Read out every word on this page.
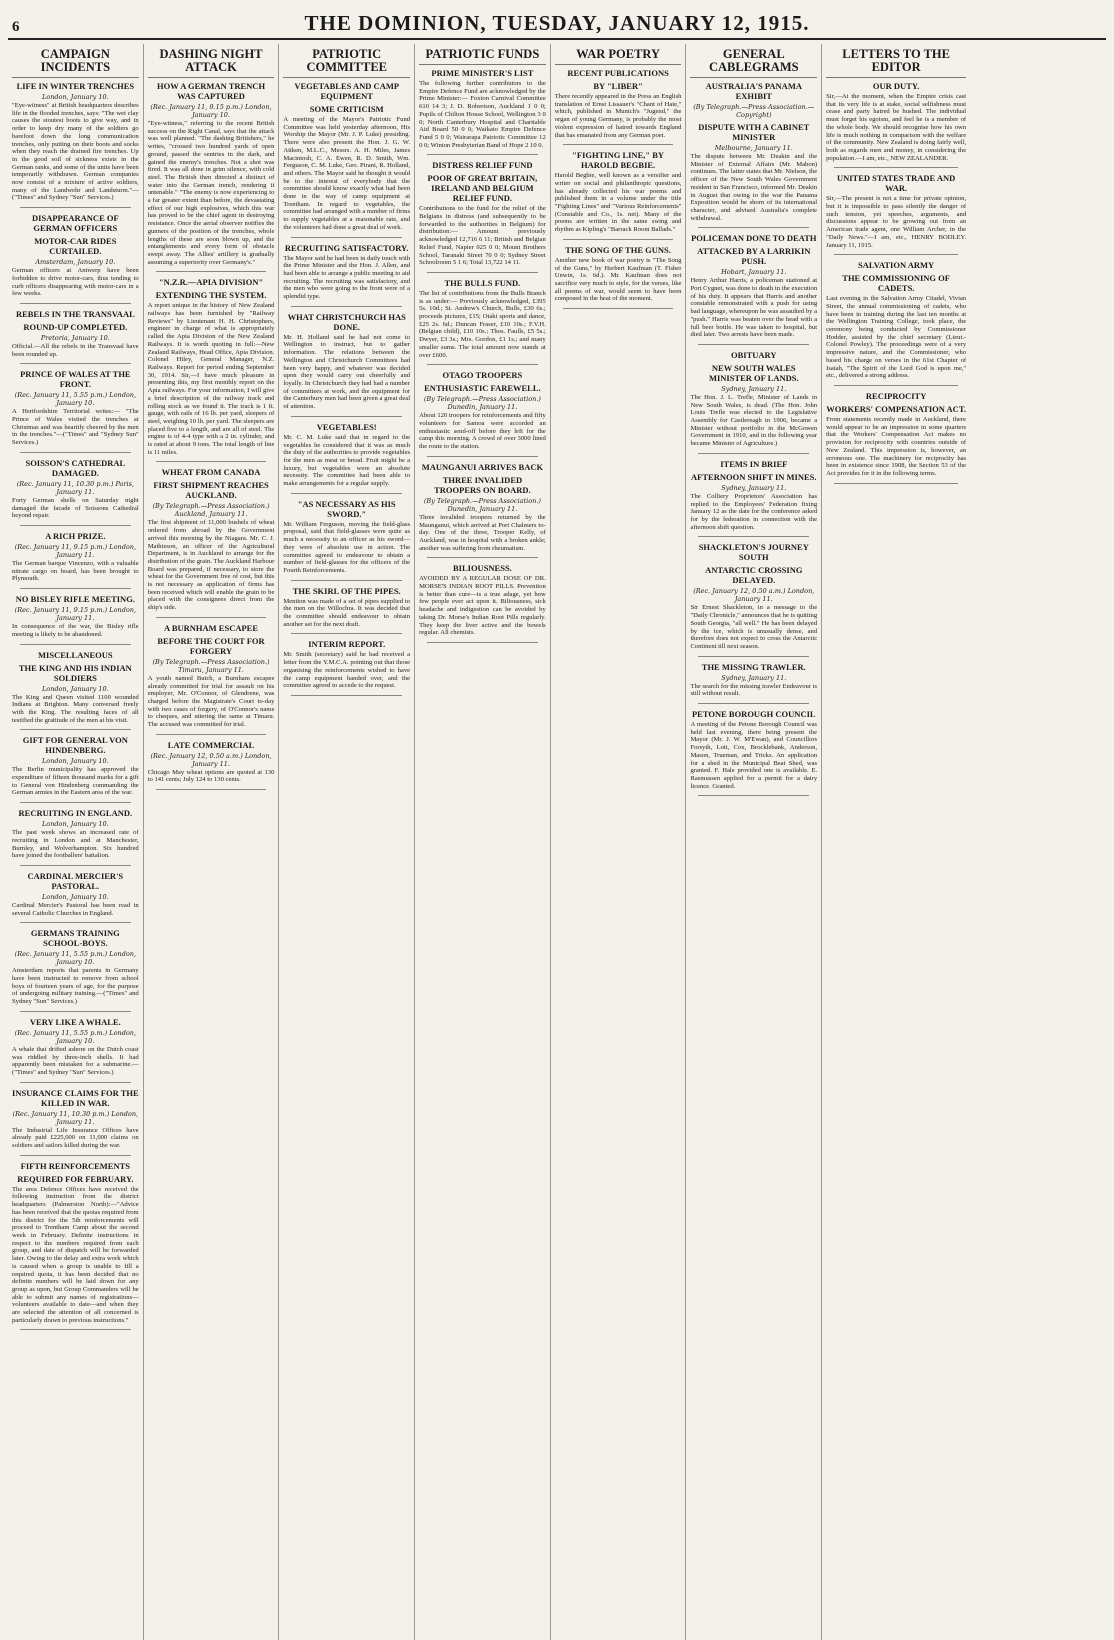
6	THE DOMINION, TUESDAY, JANUARY 12, 1915.
CAMPAIGN INCIDENTS
LIFE IN WINTER TRENCHES
London, January 10.

"Eye-witness" at British headquarters describes life in the flooded trenches, says: "The wet clay causes the stoutest boots to give way, and in order to keep dry many of the soldiers go barefoot down the long communication trenches, only putting on their boots and socks when they reach the drained fire trenches. Up in the good soil of sickness exists in the German ranks, and some of the units have been temporarily withdrawn. German companies now consist of a mixture of active soldiers, many of the Landwehr and Landsturm."—("Times" and Sydney "Sun" Services.)

DISAPPEARANCE OF GERMAN OFFICERS
MOTOR-CAR RIDES CURTAILED.
Amsterdam, January 10.

German officers at Antwerp have been forbidden to drive motor-cars, thus tending to curb officers disappearing with motor-cars in a few weeks.

REBELS IN THE TRANSVAAL
ROUND-UP COMPLETED.
Pretoria, January 10.

Official.—All the rebels in the Transvaal have been rounded up.

PRINCE OF WALES AT THE FRONT.
(Rec. January 11, 5.55 p.m.) London, January 10.

A Hertfordshire Territorial writes:— "The Prince of Wales visited the trenches at Christmas and was heartily cheered by the men in the trenches."—("Times" and "Sydney Sun" Services.)

SOISSON'S CATHEDRAL DAMAGED.
(Rec. January 11, 10.30 p.m.) Paris, January 11.

Forty German shells on Saturday night damaged the facade of Soissons Cathedral beyond repair.

A RICH PRIZE.
(Rec. January 11, 9.15 p.m.) London, January 11.

The German barque Vincenzo, with a valuable nitrate cargo on board, has been brought to Plymouth.

NO BISLEY RIFLE MEETING.
(Rec. January 11, 9.15 p.m.) London, January 11.

In consequence of the war, the Bisley rifle meeting is likely to be abandoned.

MISCELLANEOUS
THE KING AND HIS INDIAN SOLDIERS
London, January 10.

The King and Queen visited 1100 wounded Indians at Brighton. Many conversed freely with the King. The resulting faces of all testified the gratitude of the men at his visit.

GIFT FOR GENERAL VON HINDENBERG.
London, January 10.

The Berlin municipality has approved the expenditure of fifteen thousand marks for a gift to General von Hindenberg commanding the German armies in the Eastern area of the war.

RECRUITING IN ENGLAND.
London, January 10.

The past week shows an increased rate of recruiting in London and at Manchester, Burnley, and Wolverhampton. Six hundred have joined the footballers' battalion.

CARDINAL MERCIER'S PASTORAL.
London, January 10.

Cardinal Mercier's Pastoral has been read in several Catholic Churches in England.

GERMANS TRAINING SCHOOL-BOYS.
(Rec. January 11, 5.55 p.m.) London, January 10.

Amsterdam reports that parents in Germany have been instructed to remove from school boys of fourteen years of age, for the purpose of undergoing military training.—("Times" and Sydney "Sun" Services.)

VERY LIKE A WHALE.
(Rec. January 11, 5.55 p.m.) London, January 10.

A whale that drifted ashore on the Dutch coast was riddled by three-inch shells. It had apparently been mistaken for a submarine.—("Times" and Sydney "Sun" Services.)

INSURANCE CLAIMS FOR THE KILLED IN WAR.
(Rec. January 11, 10.30 p.m.) London, January 11.

The Industrial Life Insurance Offices have already paid £225,000 on 11,000 claims on soldiers and sailors killed during the war.

FIFTH REINFORCEMENTS
REQUIRED FOR FEBRUARY.

The area Defence Offices have received the following instruction from the district headquarters (Palmerston North):—"Advice has been received that the quotas required from this district for the 5th reinforcements will proceed to Trentham Camp about the second week in February. Definite instructions in respect to the numbers required from each group, and date of dispatch will be forwarded later. Owing to the delay and extra work which is caused when a group is unable to fill a required quota, it has been decided that no definite numbers will be laid down for any group as upon, but Group Commanders will be able to submit any names of registrations—volunteers available to date—and when they are selected the attention of all concerned is particularly drawn to previous instructions."

DASHING NIGHT ATTACK
HOW A GERMAN TRENCH WAS CAPTURED
(Rec. January 11, 9.15 p.m.) London, January 10.

"Eye-witness," referring to the recent British success on the Right Canal, says that the attack was well planned. "The dashing Britishers," he writes, "crossed two hundred yards of open ground, passed the sentries in the dark, and gained the enemy's trenches. Not a shot was fired. It was all done in grim silence, with cold steel. The British then directed a distinct of water into the German trench, rendering it untenable." "The enemy is now experiencing to a far greater extent than before, the devastating effect of our high explosives, which this war has proved to be the chief agent in destroying resistance. Once the aerial observer notifies the gunners of the position of the trenches, whole lengths of these are soon blown up, and the entanglements and every form of obstacle swept away. The Allies' artillery is gradually assuming a superiority over Germany's."

"N.Z.R.—APIA DIVISION"
EXTENDING THE SYSTEM.

A report unique in the history of New Zealand railways has been furnished by "Railway Reviews" by Lieutenant H. H. Christophers, engineer in charge of what is appropriately called the Apia Division of the New Zealand Railways. It is worth quoting in full:—New Zealand Railways, Head Office, Apia Division. Colonel Hiley, General Manager, N.Z. Railways. Report for period ending September 30, 1914. Sir,—I have much pleasure in presenting this, my first monthly report on the Apia railways. For your information, I will give a brief description of the railway track and rolling stock as we found it. The track is 1 ft. gauge, with rails of 16 lb. per yard, sleepers of steel, weighing 10 lb. per yard. The sleepers are placed five to a length, and are all of steel. The engine is of 4-4 type with a 2 in. cylinder, and is rated at about 9 tons. The total length of line is 11 miles.

WHEAT FROM CANADA
FIRST SHIPMENT REACHES AUCKLAND.
(By Telegraph.—Press Association.) Auckland, January 11.

The first shipment of 11,000 bushels of wheat ordered from abroad by the Government arrived this morning by the Niagara. Mr. C. J. Mathieson, an officer of the Agricultural Department, is in Auckland to arrange for the distribution of the grain. The Auckland Harbour Board was prepared, if necessary, to store the wheat for the Government free of cost, but this is not necessary as application of firms has been received which will enable the grain to be placed with the consignees direct from the ship's side.

A BURNHAM ESCAPEE
BEFORE THE COURT FOR FORGERY
(By Telegraph.—Press Association.) Timaru, January 11.

A youth named Butch, a Burnham escapee already committed for trial for assault on his employer, Mr. O'Connor, of Glendrene, was charged before the Magistrate's Court to-day with two cases of forgery, of O'Connor's name to cheques, and uttering the same at Timaru. The accused was committed for trial.

LATE COMMERCIAL
(Rec. January 12, 0.50 a.m.) London, January 11.

Chicago May wheat options are quoted at 130 to 141 cents; July 124 to 130 cents.

PATRIOTIC COMMITTEE
VEGETABLES AND CAMP EQUIPMENT
SOME CRITICISM

A meeting of the Mayor's Patriotic Fund Committee was held yesterday afternoon, His Worship the Mayor (Mr. J. P. Luke) presiding. There were also present the Hon. J. G. W. Aitken, M.L.C., Messrs. A. H. Miles, James Macintosh, C. A. Ewen, R. D. Smith, Wm. Ferguson, C. M. Luke, Geo. Pirani, R. Holland, and others. The Mayor said he thought it would be to the interest of everybody that the committee should know exactly what had been done in the way of camp equipment at Trentham. In regard to vegetables, the committee had arranged with a number of firms to supply vegetables at a reasonable rate, and the volunteers had done a great deal of work.

RECRUITING SATISFACTORY.

The Mayor said he had been in daily touch with the Prime Minister and the Hon. J. Allen, and had been able to arrange a public meeting to aid recruiting. The recruiting was satisfactory, and the men who were going to the front were of a splendid type.

WHAT CHRISTCHURCH HAS DONE.

Mr. H. Holland said he had not come to Wellington to instruct, but to gather information. The relations between the Wellington and Christchurch Committees had been very happy, and whatever was decided upon they would carry out cheerfully and loyally. In Christchurch they had had a number of committees at work, and the equipment for the Canterbury men had been given a great deal of attention.

VEGETABLES!

Mr. C. M. Luke said that in regard to the vegetables he considered that it was as much the duty of the authorities to provide vegetables for the men as meat or bread. Fruit might be a luxury, but vegetables were an absolute necessity. The committee had been able to make arrangements for a regular supply.

"AS NECESSARY AS HIS SWORD."

Mr. William Ferguson, moving the field-glass proposal, said that field-glasses were quite as much a necessity to an officer as his sword—they were of absolute use in action. The committee agreed to endeavour to obtain a number of field-glasses for the officers of the Fourth Reinforcements.

THE SKIRL OF THE PIPES.

Mention was made of a set of pipes supplied to the men on the Willochra. It was decided that the committee should endeavour to obtain another set for the next draft.

INTERIM REPORT.

Mr. Smith (secretary) said he had received a letter from the Y.M.C.A. pointing out that those organising the reinforcements wished to have the camp equipment handed over, and the committee agreed to accede to the request.

PATRIOTIC FUNDS
PRIME MINISTER'S LIST

The following further contributors to the Empire Defence Fund are acknowledged by the Prime Minister:— Foxton Carnival Committee 610 14 3; J. D. Robertson, Auckland 1 0 0; Pupils of Chilton House School, Wellington 3 0 0; North Canterbury Hospital and Charitable Aid Board 50 0 0; Waikato Empire Defence Fund 5 0 0; Wairarapa Patriotic Committee 12 0 0; Winton Presbyterian Band of Hope 2 10 0.

DISTRESS RELIEF FUND
POOR OF GREAT BRITAIN, IRELAND AND BELGIUM RELIEF FUND.

Contributions to the fund for the relief of the Belgians in distress (and subsequently to be forwarded to the authorities in Belgium) for distribution:— Amount previously acknowledged 12,716 6 11; British and Belgian Relief Fund, Napier 925 0 0; Mount Brothers School, Taranaki Street 70 0 0; Sydney Street Schoolroom 5 1 6; Total 13,722 14 11.

THE BULLS FUND.

The list of contributions from the Bulls Branch is as under:— Previously acknowledged, £395 5s. 10d.; St. Andrew's Church, Bulls, £30 6s.; proceeds pictures, £15; Otaki sports and dance, £25 2s. 6d.; Duncan Fraser, £10 10s.; F.V.H. (Belgian child), £10 10s.; Thos. Faulls, £5 5s.; Dwyer, £3 3s.; Mrs. Gordon, £1 1s.; and many smaller sums. The total amount now stands at over £600.

OTAGO TROOPERS
ENTHUSIASTIC FAREWELL.
(By Telegraph.—Press Association.) Dunedin, January 11.

About 120 troopers for reinforcements and fifty volunteers for Samoa were accorded an enthusiastic send-off before they left for the camp this morning. A crowd of over 3000 lined the route to the station.

MAUNGANUI ARRIVES BACK
THREE INVALIDED TROOPERS ON BOARD.
(By Telegraph.—Press Association.) Dunedin, January 11.

Three invalided troopers returned by the Maunganui, which arrived at Port Chalmers to-day. One of the three, Trooper Kelly, of Auckland, was in hospital with a broken ankle; another was suffering from rheumatism.

BILIOUSNESS.

AVOIDED BY A REGULAR DOSE OF DR. MORSE'S INDIAN ROOT PILLS. Prevention is better than cure—is a true adage, yet how few people ever act upon it. Biliousness, sick headache and indigestion can be avoided by taking Dr. Morse's Indian Root Pills regularly. They keep the liver active and the bowels regular. All chemists.

WAR POETRY
RECENT PUBLICATIONS
BY "LIBER"

There recently appeared in the Press an English translation of Ernst Lissauer's "Chant of Hate," which, published in Munich's "Jugend," the organ of young Germany, is probably the most violent expression of hatred towards England that has emanated from any German poet.

"FIGHTING LINE," BY HAROLD BEGBIE.

Harold Begbie, well known as a versifier and writer on social and philanthropic questions, has already collected his war poems and published them in a volume under the title "Fighting Lines" and "Various Reinforcements" (Constable and Co., 1s. net). Many of the poems are written in the same swing and rhythm as Kipling's "Barrack Room Ballads."

THE SONG OF THE GUNS.

Another new book of war poetry is "The Song of the Guns," by Herbert Kaufman (T. Fisher Unwin, 1s. 6d.). Mr. Kaufman does not sacrifice very much to style, for the verses, like all poems of war, would seem to have been composed in the heat of the moment.

GENERAL CABLEGRAMS
AUSTRALIA'S PANAMA EXHIBIT
(By Telegraph.—Press Association.—Copyright)
DISPUTE WITH A CABINET MINISTER
Melbourne, January 11.

The dispute between Mr. Deakin and the Minister of External Affairs (Mr. Mahon) continues. The latter states that Mr. Nielson, the officer of the New South Wales Government resident in San Francisco, informed Mr. Deakin in August that owing to the war the Panama Exposition would be shorn of its international character, and advised Australia's complete withdrawal.

POLICEMAN DONE TO DEATH
ATTACKED BY A LARRIKIN PUSH.
Hobart, January 11.

Henry Arthur Harris, a policeman stationed at Port Cygnet, was done to death in the execution of his duty. It appears that Harris and another constable remonstrated with a push for using bad language, whereupon he was assaulted by a "push." Harris was beaten over the head with a full beer bottle. He was taken to hospital, but died later. Two arrests have been made.

OBITUARY
NEW SOUTH WALES MINISTER OF LANDS.
Sydney, January 11.

The Hon. J. L. Trefle, Minister of Lands in New South Wales, is dead. (The Hon. John Louis Trefle was elected to the Legislative Assembly for Castlereagh in 1906, became a Minister without portfolio in the McGowen Government in 1910, and in the following year became Minister of Agriculture.)

ITEMS IN BRIEF
AFTERNOON SHIFT IN MINES.
Sydney, January 11.

The Colliery Proprietors' Association has replied to the Employees' Federation fixing January 12 as the date for the conference asked for by the federation in connection with the afternoon shift question.

SHACKLETON'S JOURNEY SOUTH
ANTARCTIC CROSSING DELAYED.
(Rec. January 12, 0.50 a.m.) London, January 11.

Sir Ernest Shackleton, in a message to the "Daily Chronicle," announces that he is quitting South Georgia, "all well." He has been delayed by the ice, which is unusually dense, and therefore does not expect to cross the Antarctic Continent till next season.

THE MISSING TRAWLER.
Sydney, January 11.

The search for the missing trawler Endeavour is still without result.

PETONE BOROUGH COUNCIL

A meeting of the Petone Borough Council was held last evening, there being present the Mayor (Mr. J. W. M'Ewan), and Councillors Forsyth, Lott, Cox, Brocklebank, Anderson, Mason, Trueman, and Tricks. An application for a shed in the Municipal Beat Shed, was granted. F. Hale provided one is available. E. Rasmussen applied for a permit for a dairy licence. Granted.

LETTERS TO THE EDITOR
OUR DUTY.

Sir,—At the moment, when the Empire crisis cast that its very life is at stake, social selfishness must cease and party hatred be hushed. The individual must forget his egoism, and feel he is a member of the whole body. We should recognise how his own life is much nothing in comparison with the welfare of the community. New Zealand is doing fairly well, both as regards men and money, in considering the population.—I am, etc., NEW ZEALANDER.

UNITED STATES TRADE AND WAR.

Sir,—The present is not a time for private opinion, but it is impossible to pass silently the danger of such tension, yet speeches, arguments, and discussions appear to be growing out from an American trade agent, one William Archer, in the "Daily News."—I am, etc., HENRY BODLEY. January 11, 1915.

SALVATION ARMY
THE COMMISSIONING OF CADETS.

Last evening in the Salvation Army Citadel, Vivian Street, the annual commissioning of cadets, who have been in training during the last ten months at the Wellington Training College, took place, the ceremony being conducted by Commissioner Hodder, assisted by the chief secretary (Lieut.-Colonel Powley). The proceedings were of a very impressive nature, and the Commissioner, who based his charge on verses in the 61st Chapter of Isaiah, "The Spirit of the Lord God is upon me," etc., delivered a strong address.

RECIPROCITY
WORKERS' COMPENSATION ACT.

From statements recently made in Auckland, there would appear to be an impression in some quarters that the Workers' Compensation Act makes no provision for reciprocity with countries outside of New Zealand. This impression is, however, an erroneous one. The machinery for reciprocity has been in existence since 1908, the Section 53 of the Act provides for it in the following terms.
